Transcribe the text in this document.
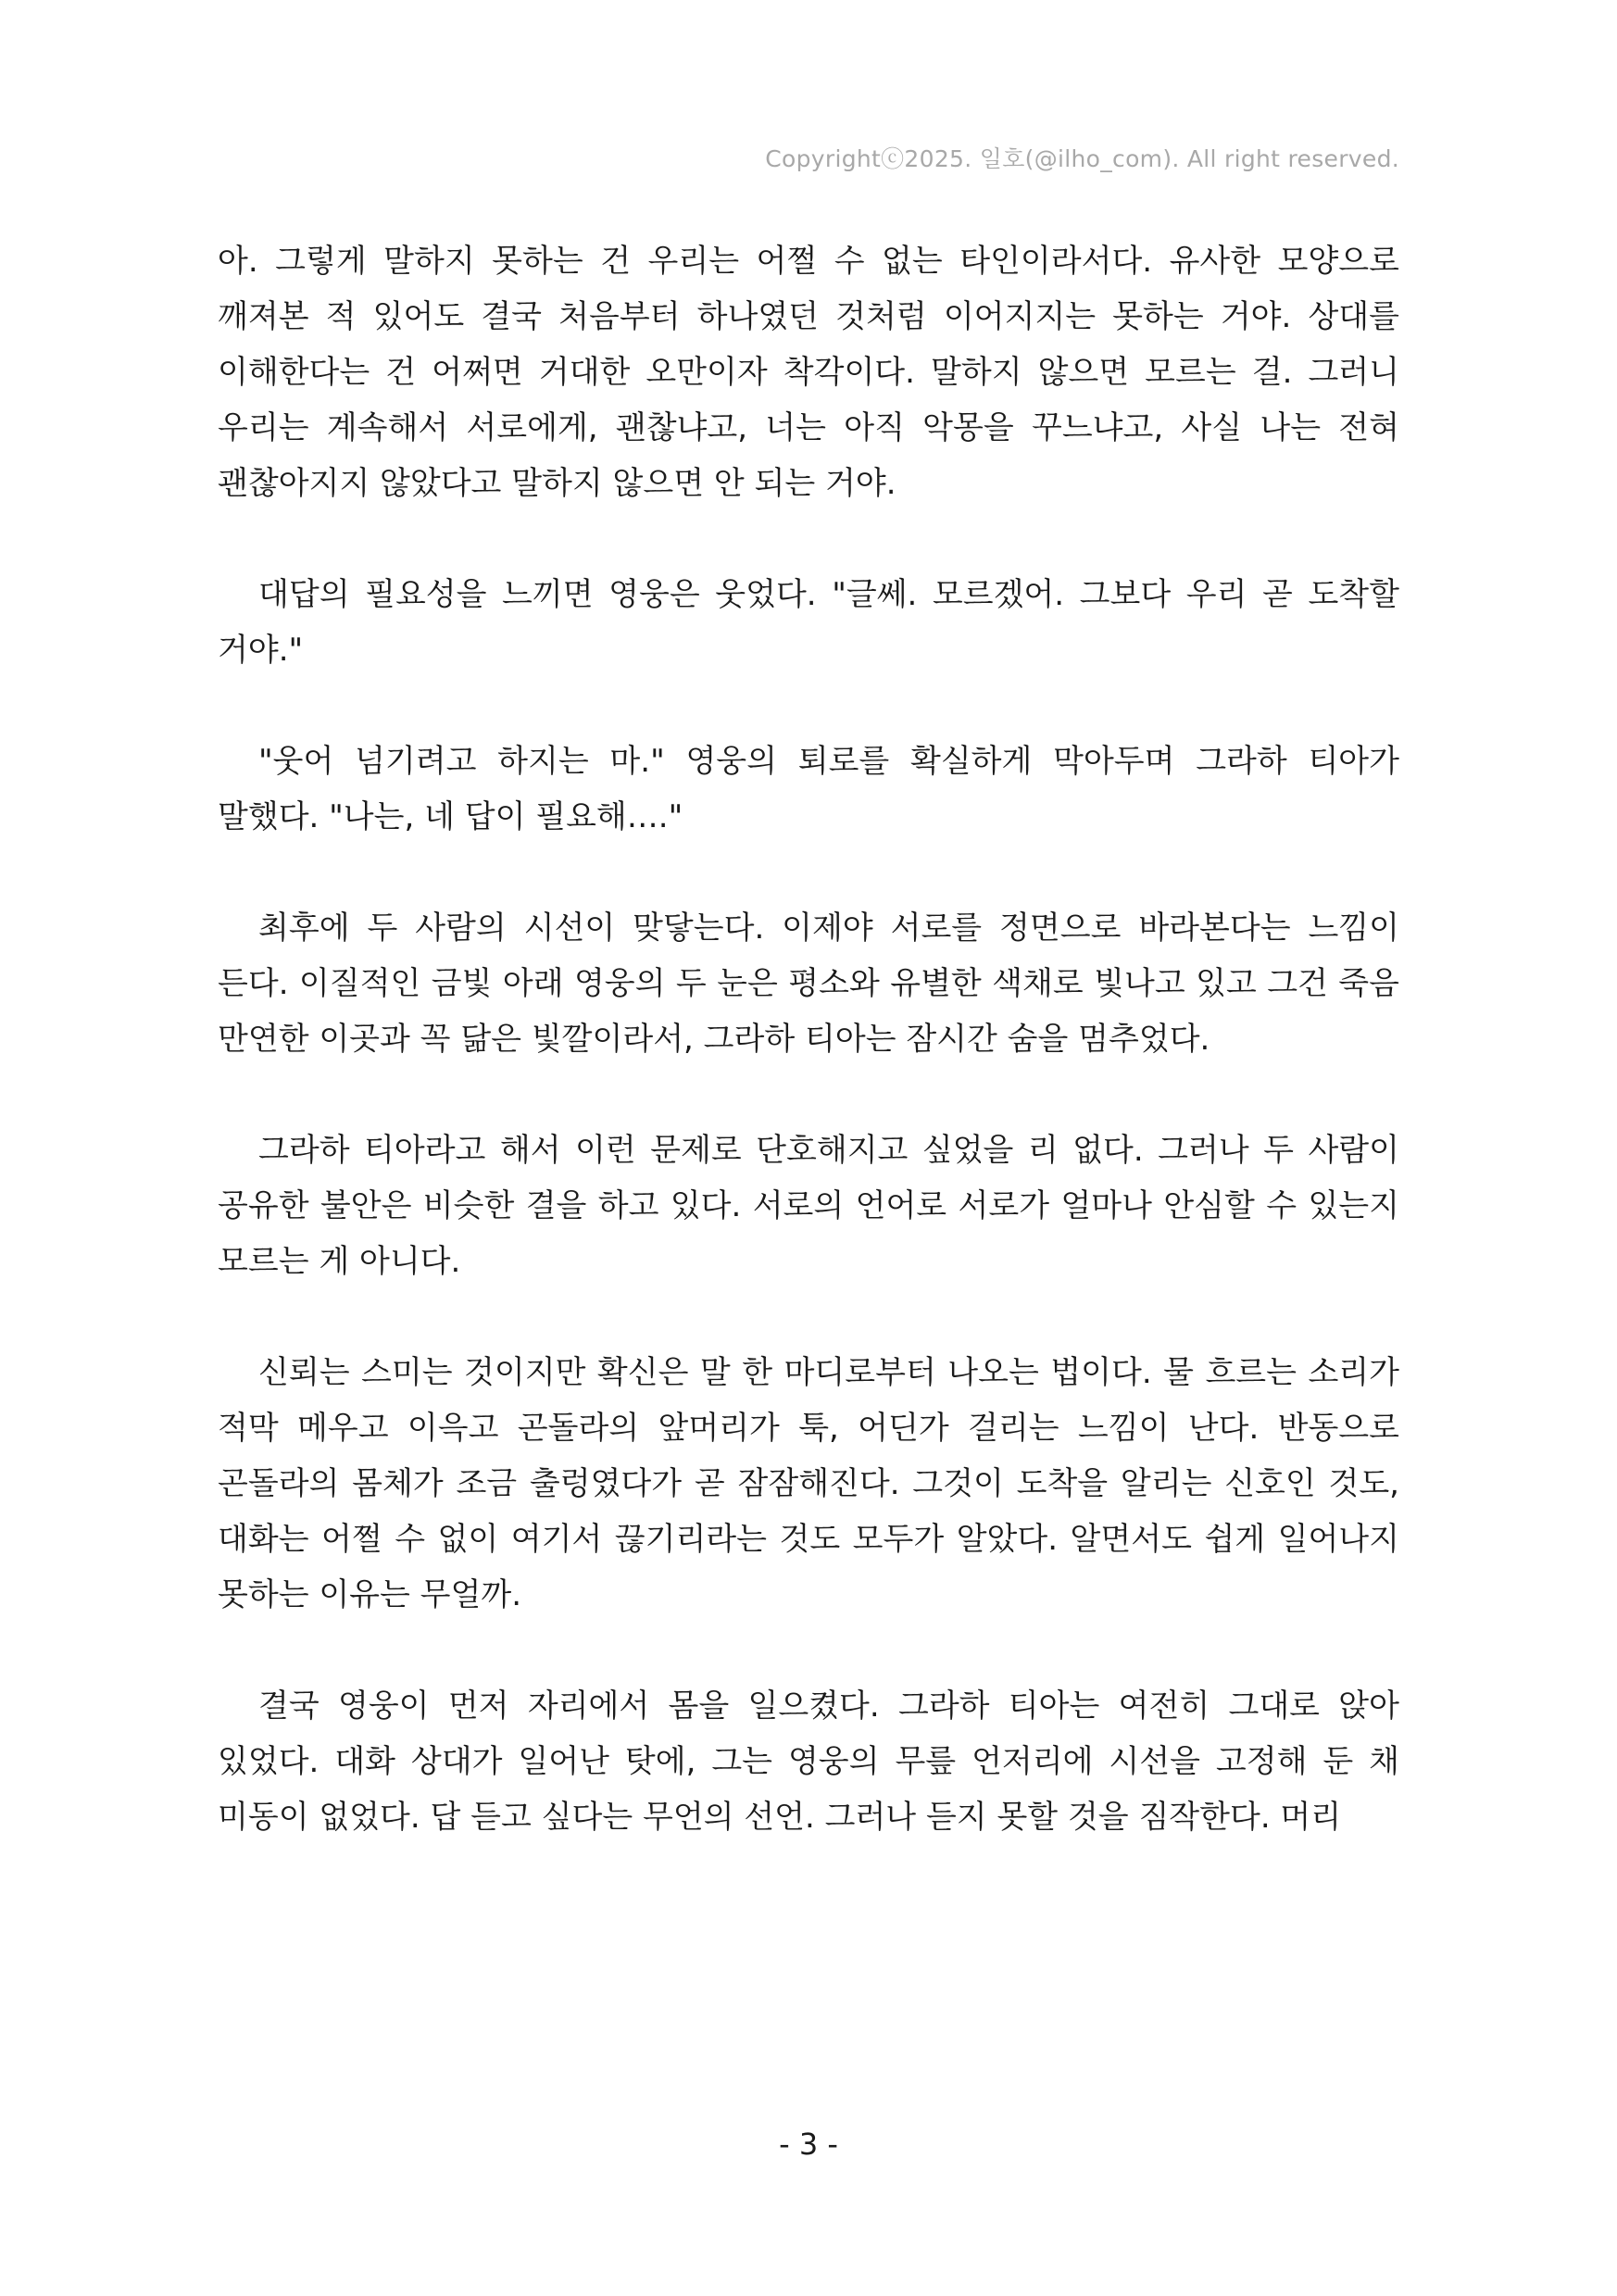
Copyrightⓒ2025. 일호(@ilho_com). All right reserved.

아. 그렇게 말하지 못하는 건 우리는 어쩔 수 없는 타인이라서다. 유사한 모양으로 깨져본 적 있어도 결국 처음부터 하나였던 것처럼 이어지지는 못하는 거야. 상대를 이해한다는 건 어쩌면 거대한 오만이자 착각이다. 말하지 않으면 모르는 걸. 그러니 우리는 계속해서 서로에게, 괜찮냐고, 너는 아직 악몽을 꾸느냐고, 사실 나는 전혀 괜찮아지지 않았다고 말하지 않으면 안 되는 거야.

대답의 필요성을 느끼면 영웅은 웃었다. "글쎄. 모르겠어. 그보다 우리 곧 도착할 거야."

"웃어 넘기려고 하지는 마." 영웅의 퇴로를 확실하게 막아두며 그라하 티아가 말했다. "나는, 네 답이 필요해…."

최후에 두 사람의 시선이 맞닿는다. 이제야 서로를 정면으로 바라본다는 느낌이 든다. 이질적인 금빛 아래 영웅의 두 눈은 평소와 유별한 색채로 빛나고 있고 그건 죽음 만연한 이곳과 꼭 닮은 빛깔이라서, 그라하 티아는 잠시간 숨을 멈추었다.

그라하 티아라고 해서 이런 문제로 단호해지고 싶었을 리 없다. 그러나 두 사람이 공유한 불안은 비슷한 결을 하고 있다. 서로의 언어로 서로가 얼마나 안심할 수 있는지 모르는 게 아니다.

신뢰는 스미는 것이지만 확신은 말 한 마디로부터 나오는 법이다. 물 흐르는 소리가 적막 메우고 이윽고 곤돌라의 앞머리가 툭, 어딘가 걸리는 느낌이 난다. 반동으로 곤돌라의 몸체가 조금 출렁였다가 곧 잠잠해진다. 그것이 도착을 알리는 신호인 것도, 대화는 어쩔 수 없이 여기서 끊기리라는 것도 모두가 알았다. 알면서도 쉽게 일어나지 못하는 이유는 무얼까.

결국 영웅이 먼저 자리에서 몸을 일으켰다. 그라하 티아는 여전히 그대로 앉아 있었다. 대화 상대가 일어난 탓에, 그는 영웅의 무릎 언저리에 시선을 고정해 둔 채 미동이 없었다. 답 듣고 싶다는 무언의 선언. 그러나 듣지 못할 것을 짐작한다. 머리

- 3 -
